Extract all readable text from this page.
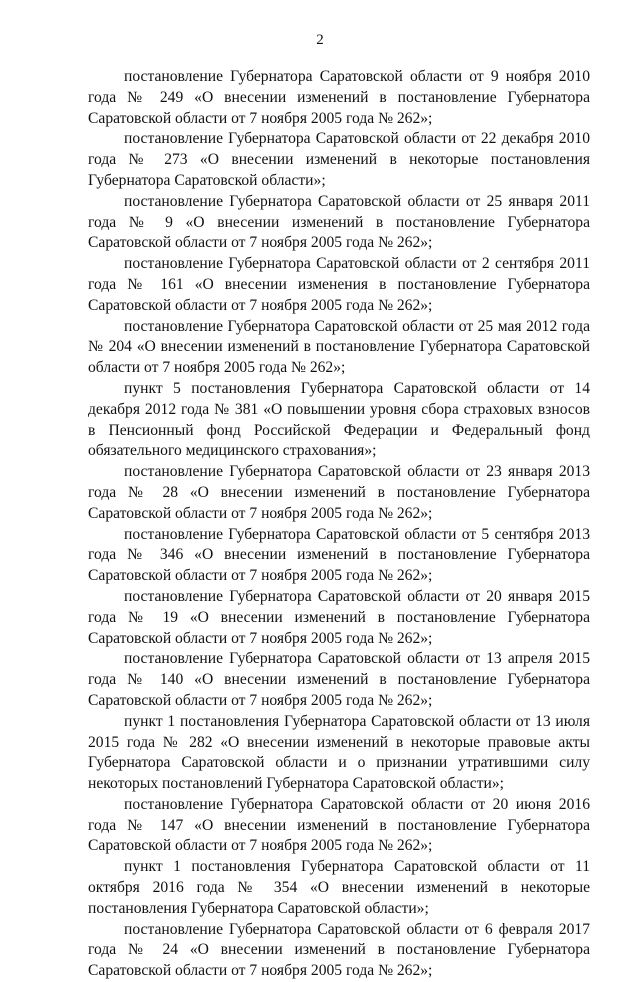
2

постановление Губернатора Саратовской области от 9 ноября 2010 года № 249 «О внесении изменений в постановление Губернатора Саратовской области от 7 ноября 2005 года № 262»;

постановление Губернатора Саратовской области от 22 декабря 2010 года № 273 «О внесении изменений в некоторые постановления Губернатора Саратовской области»;

постановление Губернатора Саратовской области от 25 января 2011 года № 9 «О внесении изменений в постановление Губернатора Саратовской области от 7 ноября 2005 года № 262»;

постановление Губернатора Саратовской области от 2 сентября 2011 года № 161 «О внесении изменения в постановление Губернатора Саратовской области от 7 ноября 2005 года № 262»;

постановление Губернатора Саратовской области от 25 мая 2012 года № 204 «О внесении изменений в постановление Губернатора Саратовской области от 7 ноября 2005 года № 262»;

пункт 5 постановления Губернатора Саратовской области от 14 декабря 2012 года № 381 «О повышении уровня сбора страховых взносов в Пенсионный фонд Российской Федерации и Федеральный фонд обязательного медицинского страхования»;

постановление Губернатора Саратовской области от 23 января 2013 года № 28 «О внесении изменений в постановление Губернатора Саратовской области от 7 ноября 2005 года № 262»;

постановление Губернатора Саратовской области от 5 сентября 2013 года № 346 «О внесении изменений в постановление Губернатора Саратовской области от 7 ноября 2005 года № 262»;

постановление Губернатора Саратовской области от 20 января 2015 года № 19 «О внесении изменений в постановление Губернатора Саратовской области от 7 ноября 2005 года № 262»;

постановление Губернатора Саратовской области от 13 апреля 2015 года № 140 «О внесении изменений в постановление Губернатора Саратовской области от 7 ноября 2005 года № 262»;

пункт 1 постановления Губернатора Саратовской области от 13 июля 2015 года № 282 «О внесении изменений в некоторые правовые акты Губернатора Саратовской области и о признании утратившими силу некоторых постановлений Губернатора Саратовской области»;

постановление Губернатора Саратовской области от 20 июня 2016 года № 147 «О внесении изменений в постановление Губернатора Саратовской области от 7 ноября 2005 года № 262»;

пункт 1 постановления Губернатора Саратовской области от 11 октября 2016 года № 354 «О внесении изменений в некоторые постановления Губернатора Саратовской области»;

постановление Губернатора Саратовской области от 6 февраля 2017 года № 24 «О внесении изменений в постановление Губернатора Саратовской области от 7 ноября 2005 года № 262»;
